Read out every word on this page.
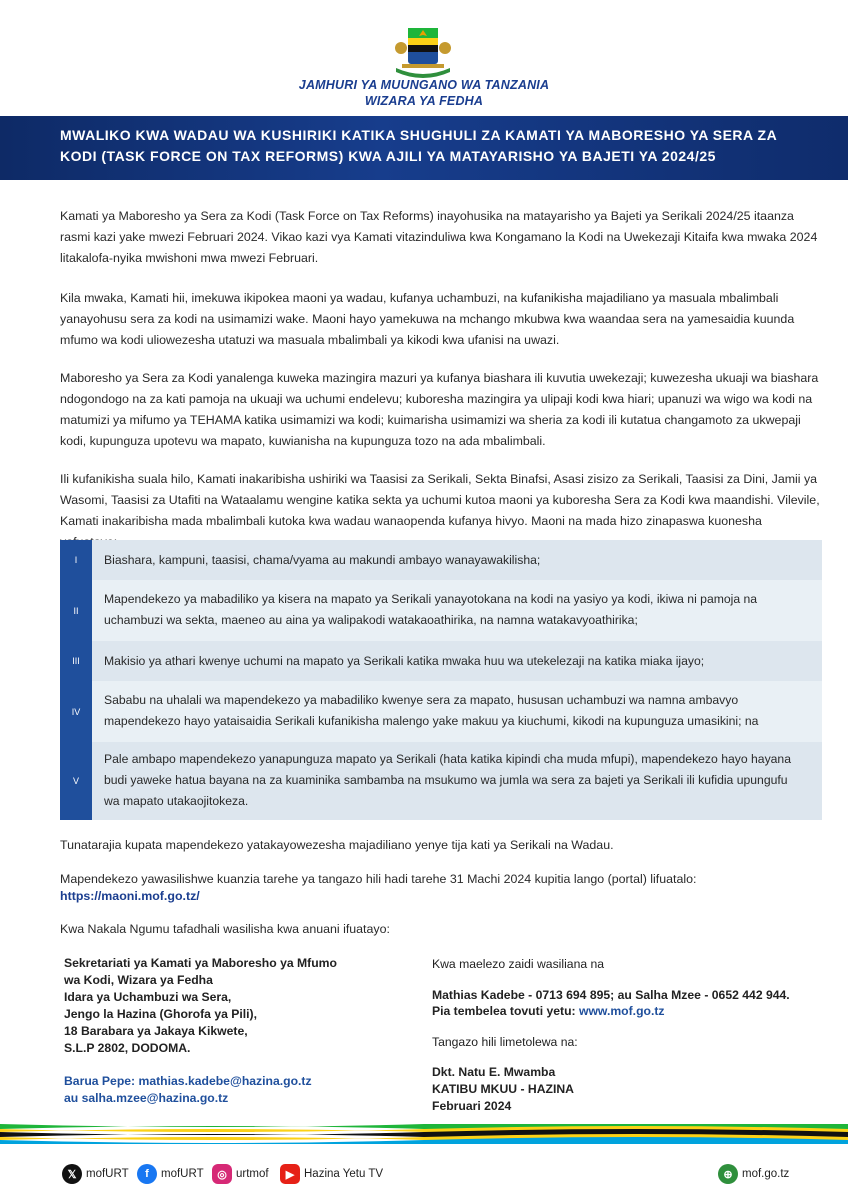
JAMHURI YA MUUNGANO WA TANZANIA
WIZARA YA FEDHA
MWALIKO KWA WADAU WA KUSHIRIKI KATIKA SHUGHULI ZA KAMATI YA MABORESHO YA SERA ZA KODI (TASK FORCE ON TAX REFORMS) KWA AJILI YA MATAYARISHO YA BAJETI YA 2024/25

Kamati ya Maboresho ya Sera za Kodi (Task Force on Tax Reforms) inayohusika na matayarisho ya Bajeti ya Serikali 2024/25 itaanza rasmi kazi yake mwezi Februari 2024. Vikao kazi vya Kamati vitazinduliwa kwa Kongamano la Kodi na Uwekezaji Kitaifa kwa mwaka 2024 litakalofa-nyika mwishoni mwa mwezi Februari.

Kila mwaka, Kamati hii, imekuwa ikipokea maoni ya wadau, kufanya uchambuzi, na kufanikisha majadiliano ya masuala mbalimbali yanayohusu sera za kodi na usimamizi wake. Maoni hayo yamekuwa na mchango mkubwa kwa waandaa sera na yamesaidia kuunda mfumo wa kodi uliowezesha utatuzi wa masuala mbalimbali ya kikodi kwa ufanisi na uwazi.

Maboresho ya Sera za Kodi yanalenga kuweka mazingira mazuri ya kufanya biashara ili kuvutia uwekezaji; kuwezesha ukuaji wa biashara ndogondogo na za kati pamoja na ukuaji wa uchumi endelevu; kuboresha mazingira ya ulipaji kodi kwa hiari; upanuzi wa wigo wa kodi na matumizi ya mifumo ya TEHAMA katika usimamizi wa kodi; kuimarisha usimamizi wa sheria za kodi ili kutatua changamoto za ukwepaji kodi, kupunguza upotevu wa mapato, kuwianisha na kupunguza tozo na ada mbalimbali.

Ili kufanikisha suala hilo, Kamati inakaribisha ushiriki wa Taasisi za Serikali, Sekta Binafsi, Asasi zisizo za Serikali, Taasisi za Dini, Jamii ya Wasomi, Taasisi za Utafiti na Wataalamu wengine katika sekta ya uchumi kutoa maoni ya kuboresha Sera za Kodi kwa maandishi. Vilevile, Kamati inakaribisha mada mbalimbali kutoka kwa wadau wanaopenda kufanya hivyo. Maoni na mada hizo zinapaswa kuonesha

I	Biashara, kampuni, taasisi, chama/vyama au makundi ambayo wanayawakilisha;
II
Mapendekezo ya mabadiliko ya kisera na mapato ya Serikali yanayotokana na kodi na yasiyo ya kodi, ikiwa ni pamoja na uchambuzi wa sekta, maeneo au aina ya walipakodi watakaoathirika, na namna watakavyoathirika;
III	Makisio ya athari kwenye uchumi na mapato ya Serikali katika mwaka huu wa utekelezaji na katika miaka ijayo;
IV
Sababu na uhalali wa mapendekezo ya mabadiliko kwenye sera za mapato, hususan uchambuzi wa namna ambavyo mapendekezo hayo yataisaidia Serikali kufanikisha malengo yake makuu ya kiuchumi, kikodi na kupunguza umasikini; na
V
Pale ambapo mapendekezo yanapunguza mapato ya Serikali (hata katika kipindi cha muda mfupi), mapendekezo hayo hayana budi yaweke hatua bayana na za kuaminika sambamba na msukumo wa jumla wa sera za bajeti ya Serikali ili kufidia upungufu wa mapato utakaojitokeza.
Tunatarajia kupata mapendekezo yatakayowezesha majadiliano yenye tija kati ya Serikali na Wadau.
Mapendekezo yawasilishwe kuanzia tarehe ya tangazo hili hadi tarehe 31 Machi 2024 kupitia lango (portal) lifuatalo:
https://maoni.mof.go.tz/
Kwa Nakala Ngumu tafadhali wasilisha kwa anuani ifuatayo:
Sekretariati ya Kamati ya Maboresho ya Mfumo
wa Kodi, Wizara ya Fedha
Idara ya Uchambuzi wa Sera,
Jengo la Hazina (Ghorofa ya Pili),
18 Barabara ya Jakaya Kikwete,
S.L.P 2802, DODOMA.
Barua Pepe: mathias.kadebe@hazina.go.tz
au salha.mzee@hazina.go.tz
Kwa maelezo zaidi wasiliana na
Mathias Kadebe - 0713 694 895; au Salha Mzee - 0652 442 944.
Pia tembelea tovuti yetu: www.mof.go.tz
Tangazo hili limetolewa na:
Dkt. Natu E. Mwamba
KATIBU MKUU - HAZINA
Februari 2024
𝕏 mofURT	f	mofURT	◎ urtmof	▶ Hazina Yetu TV	⊕ mof.go.tz
